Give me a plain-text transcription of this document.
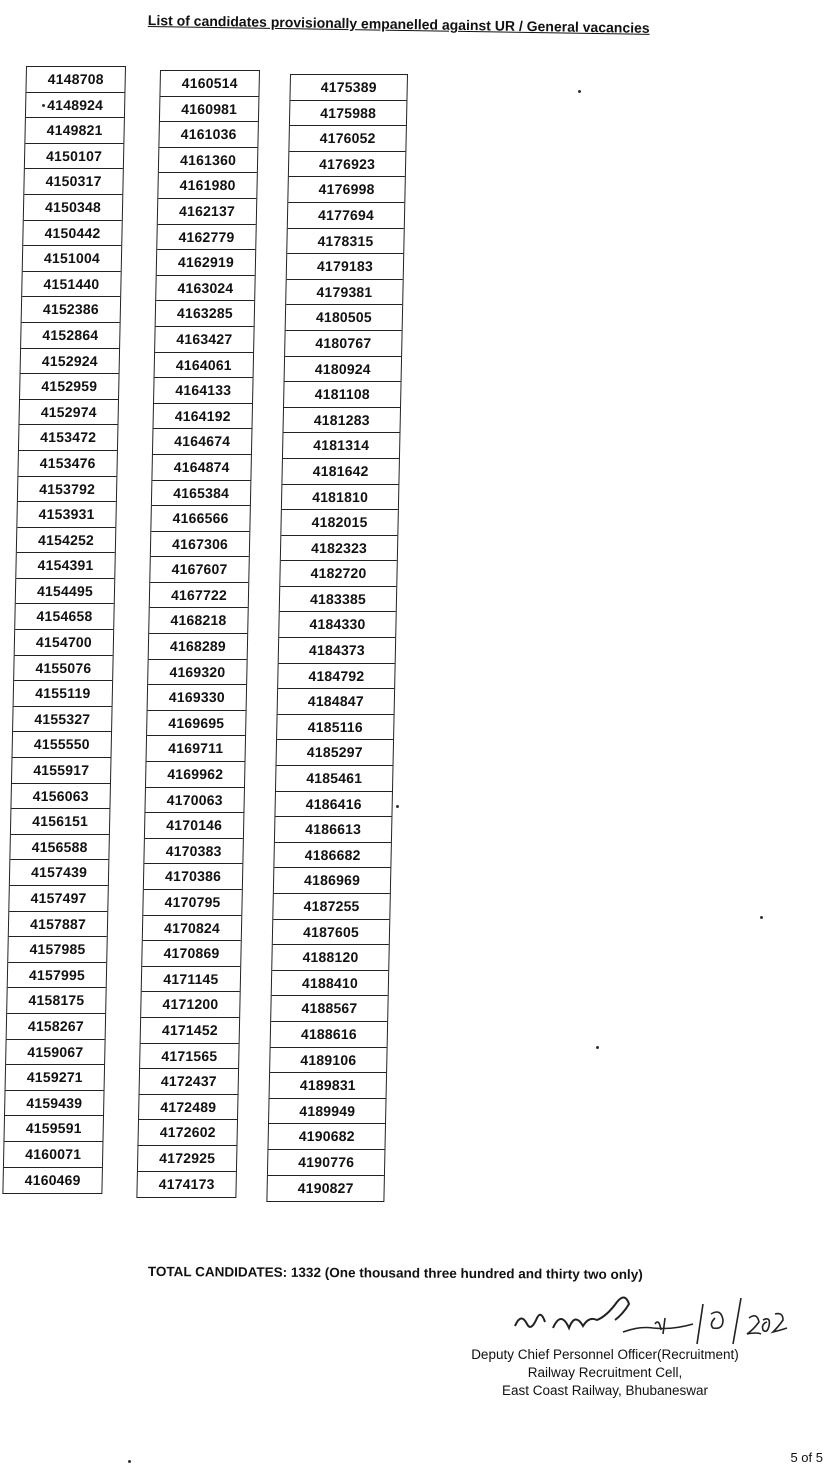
List of candidates provisionally empanelled against UR / General vacancies
4148708
4148924
4149821
4150107
4150317
4150348
4150442
4151004
4151440
4152386
4152864
4152924
4152959
4152974
4153472
4153476
4153792
4153931
4154252
4154391
4154495
4154658
4154700
4155076
4155119
4155327
4155550
4155917
4156063
4156151
4156588
4157439
4157497
4157887
4157985
4157995
4158175
4158267
4159067
4159271
4159439
4159591
4160071
4160469
4160514
4160981
4161036
4161360
4161980
4162137
4162779
4162919
4163024
4163285
4163427
4164061
4164133
4164192
4164674
4164874
4165384
4166566
4167306
4167607
4167722
4168218
4168289
4169320
4169330
4169695
4169711
4169962
4170063
4170146
4170383
4170386
4170795
4170824
4170869
4171145
4171200
4171452
4171565
4172437
4172489
4172602
4172925
4174173
4175389
4175988
4176052
4176923
4176998
4177694
4178315
4179183
4179381
4180505
4180767
4180924
4181108
4181283
4181314
4181642
4181810
4182015
4182323
4182720
4183385
4184330
4184373
4184792
4184847
4185116
4185297
4185461
4186416
4186613
4186682
4186969
4187255
4187605
4188120
4188410
4188567
4188616
4189106
4189831
4189949
4190682
4190776
4190827
TOTAL CANDIDATES: 1332 (One thousand three hundred and thirty two only)
Deputy Chief Personnel Officer(Recruitment)
Railway Recruitment Cell,
East Coast Railway, Bhubaneswar
5 of 5
